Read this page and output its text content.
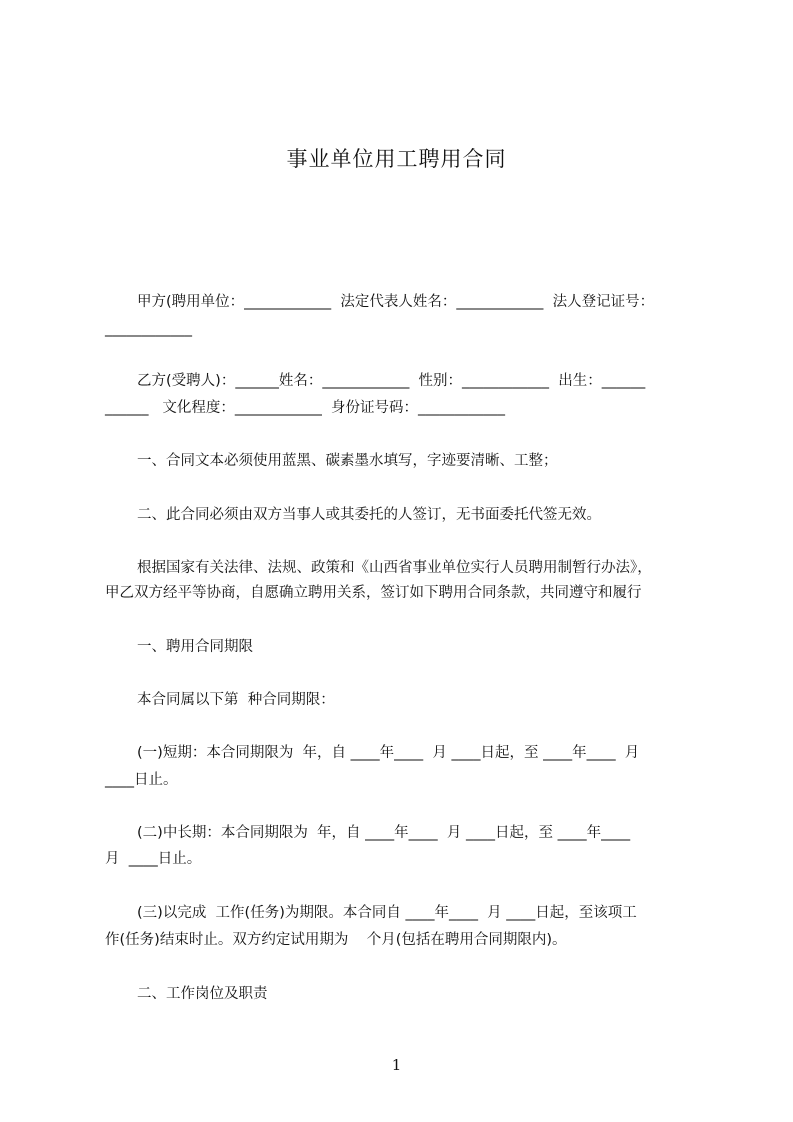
事业单位用工聘用合同
甲方(聘用单位：____________  法定代表人姓名：____________  法人登记证号：
____________
乙方(受聘人)：______姓名：____________  性别：____________  出生：______
______   文化程度：____________  身份证号码：____________
一、合同文本必须使用蓝黑、碳素墨水填写，字迹要清晰、工整；
二、此合同必须由双方当事人或其委托的人签订，无书面委托代签无效。
根据国家有关法律、法规、政策和《山西省事业单位实行人员聘用制暂行办法》，
甲乙双方经平等协商，自愿确立聘用关系，签订如下聘用合同条款，共同遵守和履行
一、聘用合同期限
本合同属以下第  种合同期限：
(一)短期：本合同期限为  年，自 ____年____  月 ____日起，至 ____年____  月
____日止。
(二)中长期：本合同期限为  年，自 ____年____  月 ____日起，至 ____年____
月  ____日止。
(三)以完成  工作(任务)为期限。本合同自 ____年____  月 ____日起，至该项工
作(任务)结束时止。双方约定试用期为    个月(包括在聘用合同期限内)。
二、工作岗位及职责
1
